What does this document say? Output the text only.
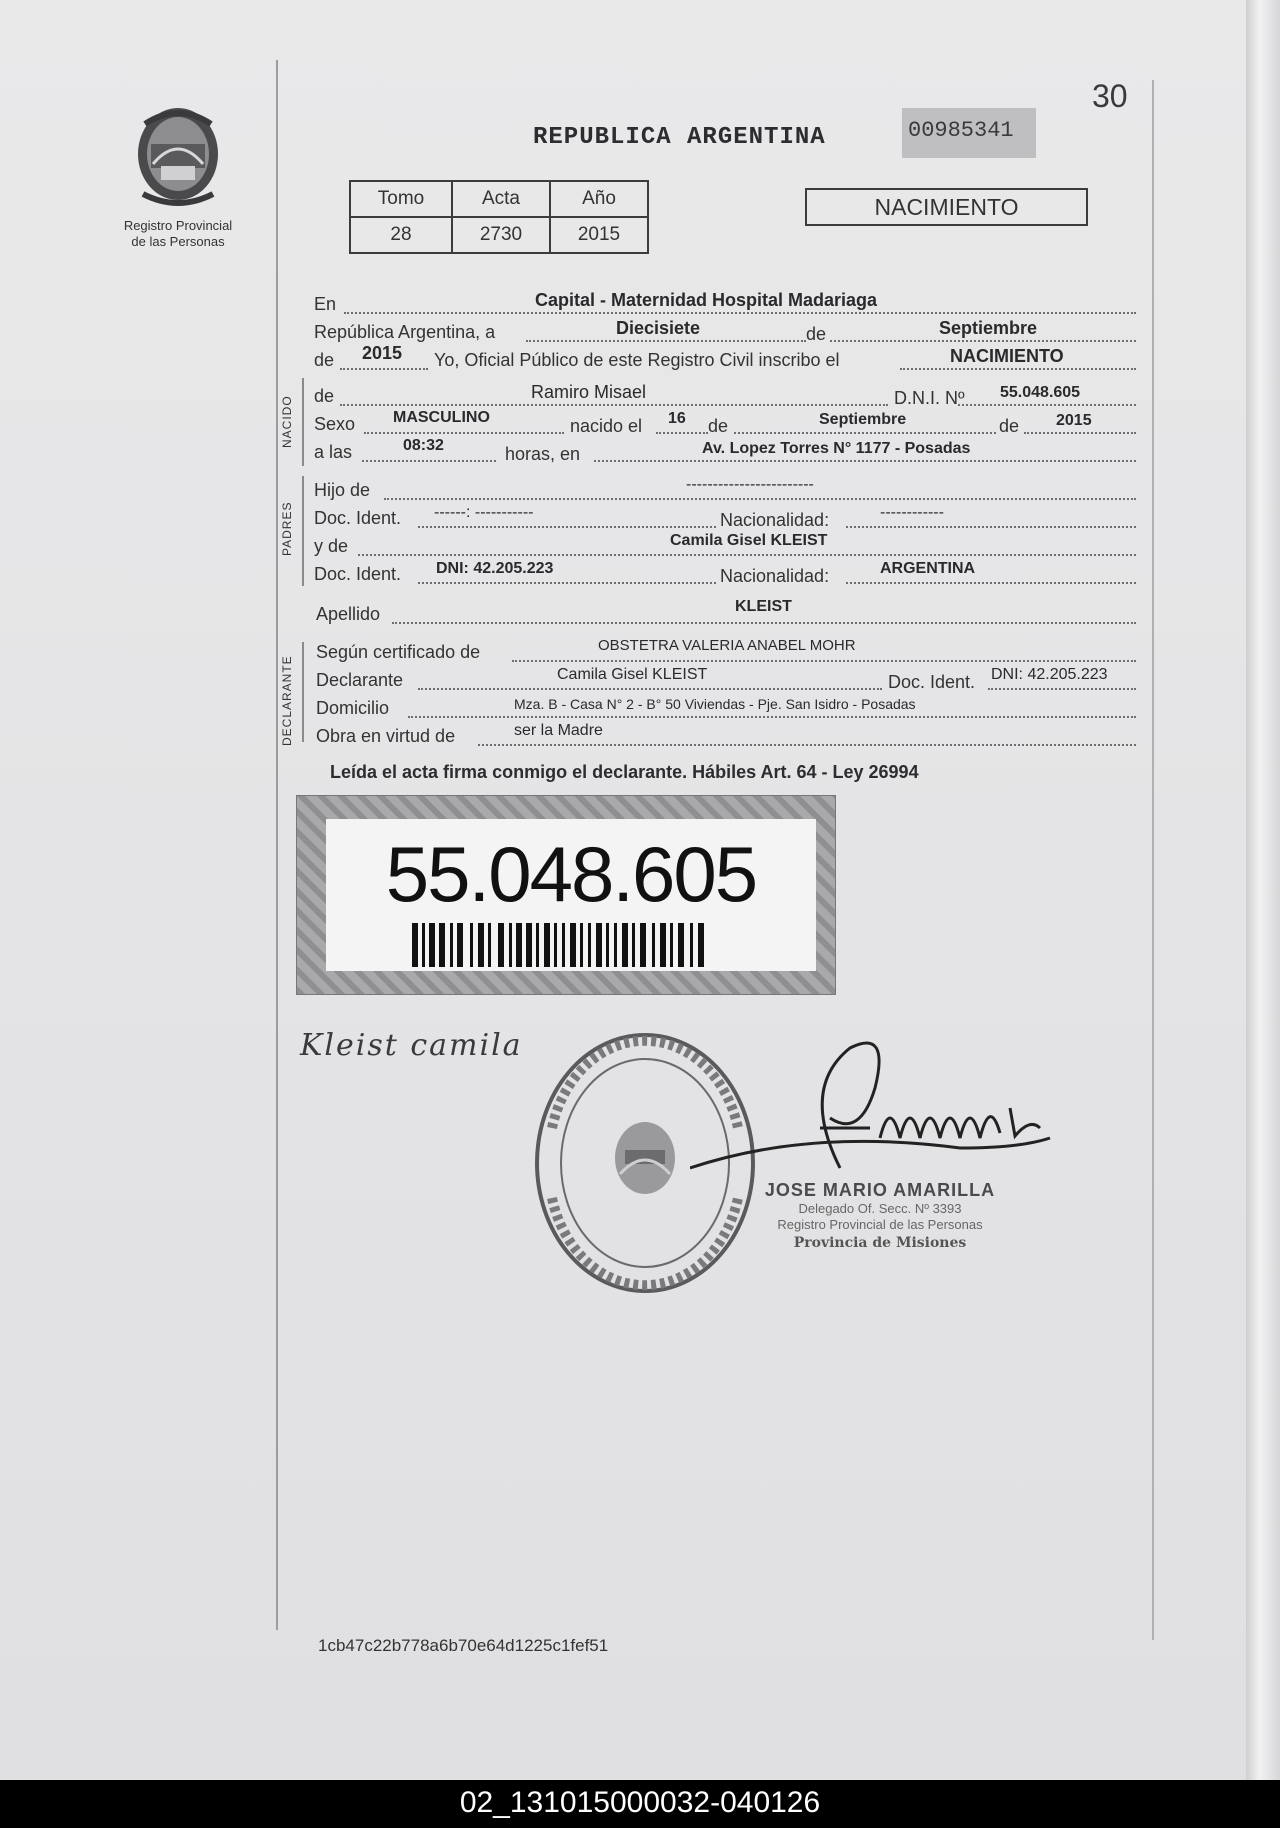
30
Registro Provincial
de las Personas
REPUBLICA ARGENTINA	00985341
Tomo	Acta	Año
28	2730	2015
NACIMIENTO
En	Capital - Maternidad Hospital Madariaga
República Argentina, a	Diecisiete	de	Septiembre
de 2015 Yo, Oficial Público de este Registro Civil inscribo el	NACIMIENTO
NACIDO de	Ramiro Misael	D.N.I. Nº 55.048.605
Sexo MASCULINO	nacido el 16 de	Septiembre	de 2015
a las	08:32	horas, en	Av. Lopez Torres N° 1177 - Posadas
PADRES
Hijo de	------------------------
Doc. Ident. ------: -----------	Nacionalidad:	------------
y de	Camila Gisel KLEIST
Doc. Ident. DNI: 42.205.223	Nacionalidad:	ARGENTINA
Apellido	KLEIST
DECLARANTE
Según certificado de	OBSTETRA VALERIA ANABEL MOHR
Declarante	Camila Gisel KLEIST	Doc. Ident. DNI: 42.205.223
Domicilio	Mza. B - Casa N° 2 - B° 50 Viviendas - Pje. San Isidro - Posadas
Obra en virtud de	ser la Madre
Leída el acta firma conmigo el declarante. Hábiles Art. 64 - Ley 26994
55.048.605
Kleist camila
JOSE MARIO AMARILLA
Delegado Of. Secc. Nº 3393
Registro Provincial de las Personas
Provincia de Misiones
1cb47c22b778a6b70e64d1225c1fef51
02_131015000032-040126
